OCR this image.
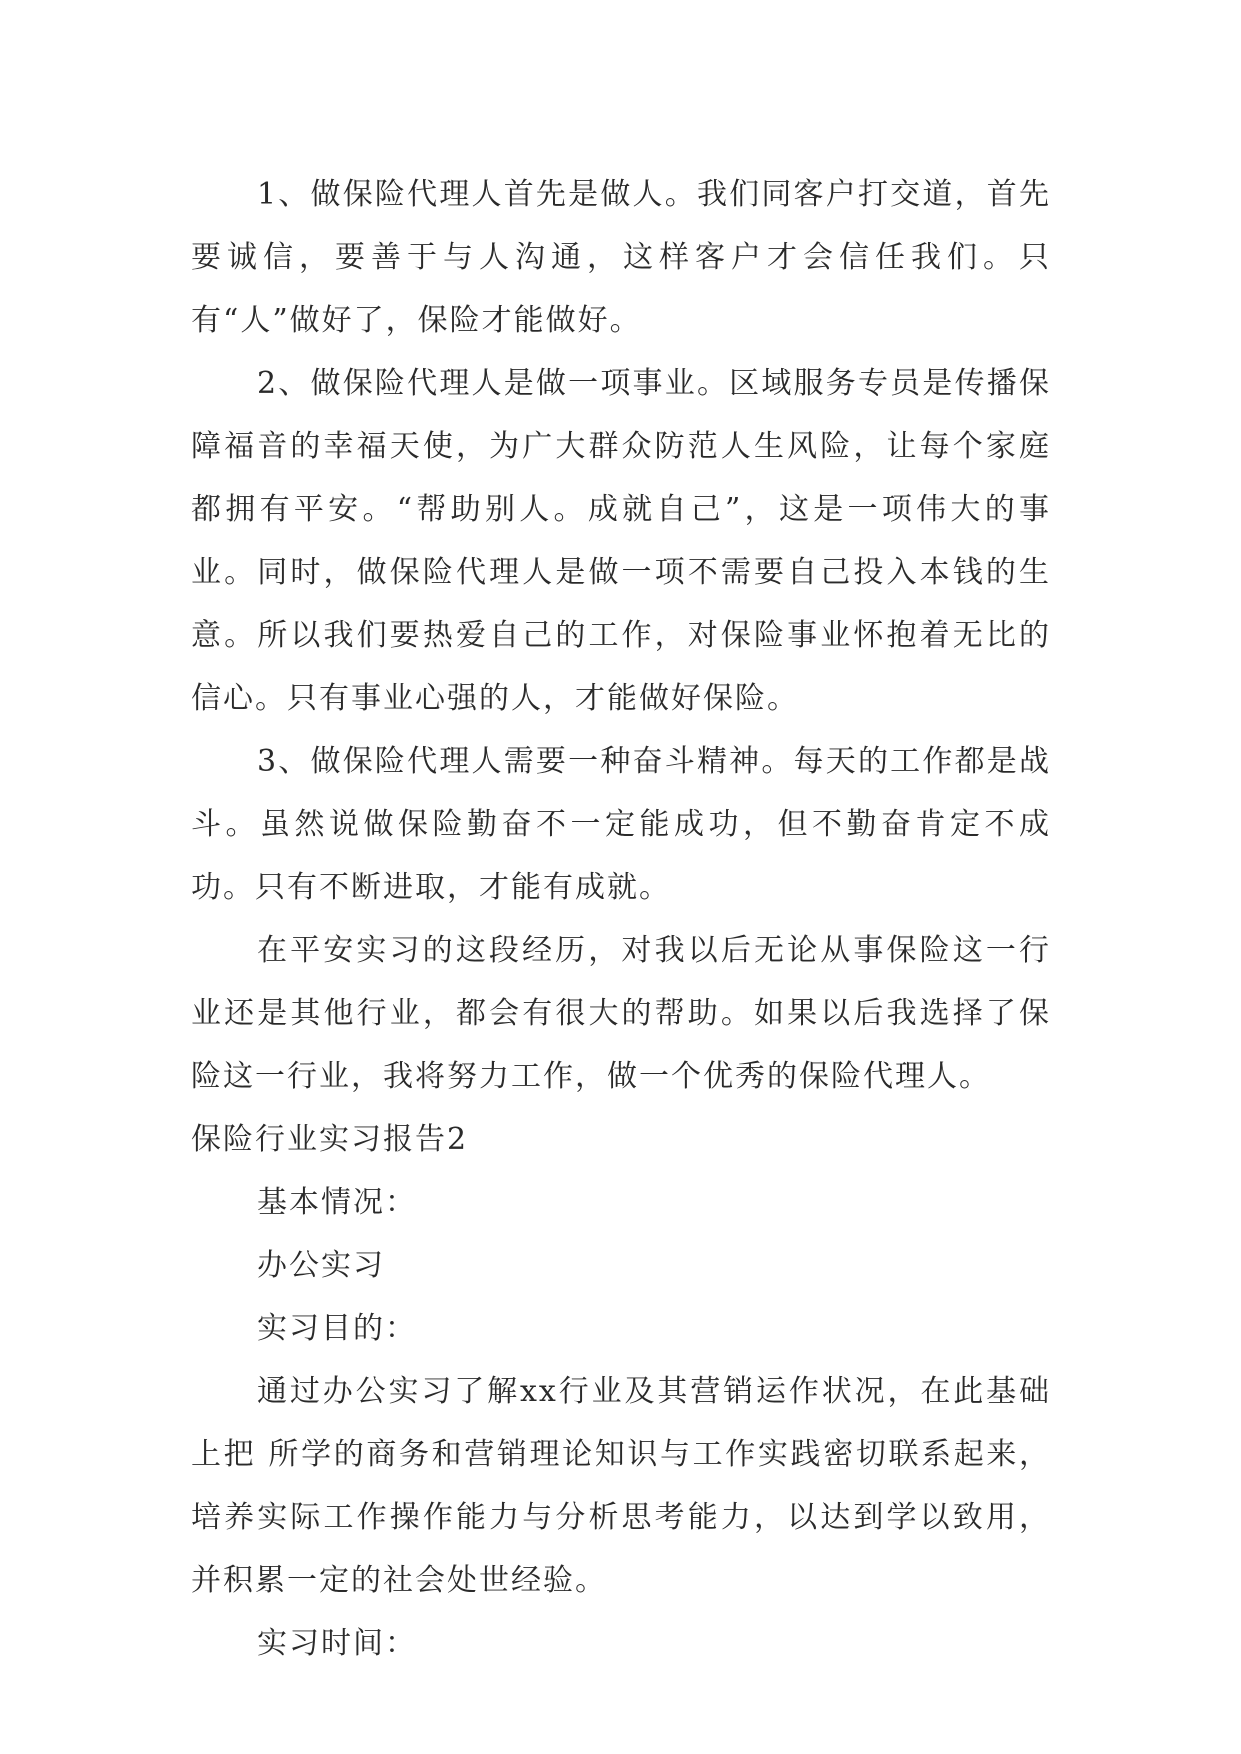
1、做保险代理人首先是做人。我们同客户打交道，首先要诚信，要善于与人沟通，这样客户才会信任我们。只有“人”做好了，保险才能做好。

2、做保险代理人是做一项事业。区域服务专员是传播保障福音的幸福天使，为广大群众防范人生风险，让每个家庭都拥有平安。“帮助别人。成就自己”，这是一项伟大的事业。同时，做保险代理人是做一项不需要自己投入本钱的生意。所以我们要热爱自己的工作，对保险事业怀抱着无比的信心。只有事业心强的人，才能做好保险。

3、做保险代理人需要一种奋斗精神。每天的工作都是战斗。虽然说做保险勤奋不一定能成功，但不勤奋肯定不成功。只有不断进取，才能有成就。

在平安实习的这段经历，对我以后无论从事保险这一行业还是其他行业，都会有很大的帮助。如果以后我选择了保险这一行业，我将努力工作，做一个优秀的保险代理人。

保险行业实习报告2

基本情况：

办公实习

实习目的：

通过办公实习了解xx行业及其营销运作状况，在此基础上把 所学的商务和营销理论知识与工作实践密切联系起来，培养实际工作操作能力与分析思考能力，以达到学以致用，并积累一定的社会处世经验。

实习时间：
